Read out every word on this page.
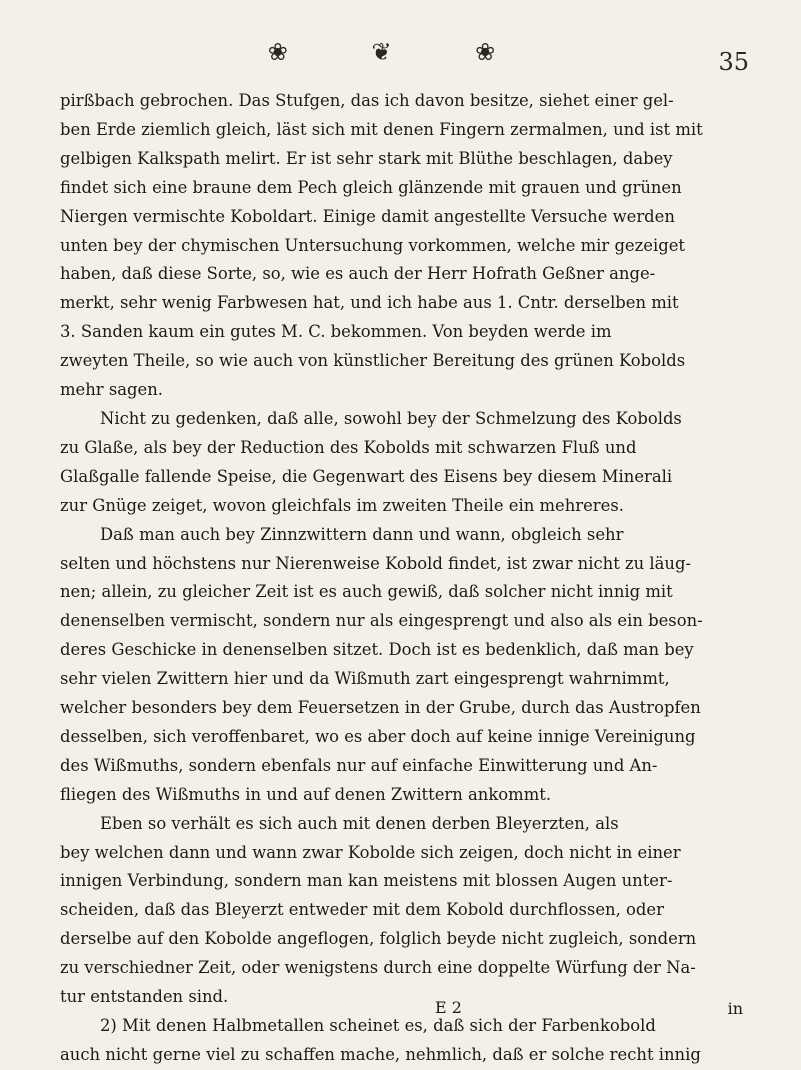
❀ ❦ ❀	35
pirßbach gebrochen. Das Stufgen, das ich davon besitze, siehet einer gel-
ben Erde ziemlich gleich, läst sich mit denen Fingern zermalmen, und ist mit
gelbigen Kalkspath melirt. Er ist sehr stark mit Blüthe beschlagen, dabey
findet sich eine braune dem Pech gleich glänzende mit grauen und grünen
Niergen vermischte Koboldart. Einige damit angestellte Versuche werden
unten bey der chymischen Untersuchung vorkommen, welche mir gezeiget
haben, daß diese Sorte, so, wie es auch der Herr Hofrath Geßner ange-
merkt, sehr wenig Farbwesen hat, und ich habe aus 1. Cntr. derselben mit
3. Sanden kaum ein gutes M. C. bekommen. Von beyden werde im
zweyten Theile, so wie auch von künstlicher Bereitung des grünen Kobolds
mehr sagen.
Nicht zu gedenken, daß alle, sowohl bey der Schmelzung des Kobolds
zu Glaße, als bey der Reduction des Kobolds mit schwarzen Fluß und
Glaßgalle fallende Speise, die Gegenwart des Eisens bey diesem Minerali
zur Gnüge zeiget, wovon gleichfals im zweiten Theile ein mehreres.
Daß man auch bey Zinnzwittern dann und wann, obgleich sehr
selten und höchstens nur Nierenweise Kobold findet, ist zwar nicht zu läug-
nen; allein, zu gleicher Zeit ist es auch gewiß, daß solcher nicht innig mit
denenselben vermischt, sondern nur als eingesprengt und also als ein beson-
deres Geschicke in denenselben sitzet. Doch ist es bedenklich, daß man bey
sehr vielen Zwittern hier und da Wißmuth zart eingesprengt wahrnimmt,
welcher besonders bey dem Feuersetzen in der Grube, durch das Austropfen
desselben, sich veroffenbaret, wo es aber doch auf keine innige Vereinigung
des Wißmuths, sondern ebenfals nur auf einfache Einwitterung und An-
fliegen des Wißmuths in und auf denen Zwittern ankommt.
Eben so verhält es sich auch mit denen derben Bleyerzten, als
bey welchen dann und wann zwar Kobolde sich zeigen, doch nicht in einer
innigen Verbindung, sondern man kan meistens mit blossen Augen unter-
scheiden, daß das Bleyerzt entweder mit dem Kobold durchflossen, oder
derselbe auf den Kobolde angeflogen, folglich beyde nicht zugleich, sondern
zu verschiedner Zeit, oder wenigstens durch eine doppelte Würfung der Na-
tur entstanden sind.
2) Mit denen Halbmetallen scheinet es, daß sich der Farbenkobold
auch nicht gerne viel zu schaffen mache, nehmlich, daß er solche recht innig
E 2	in
